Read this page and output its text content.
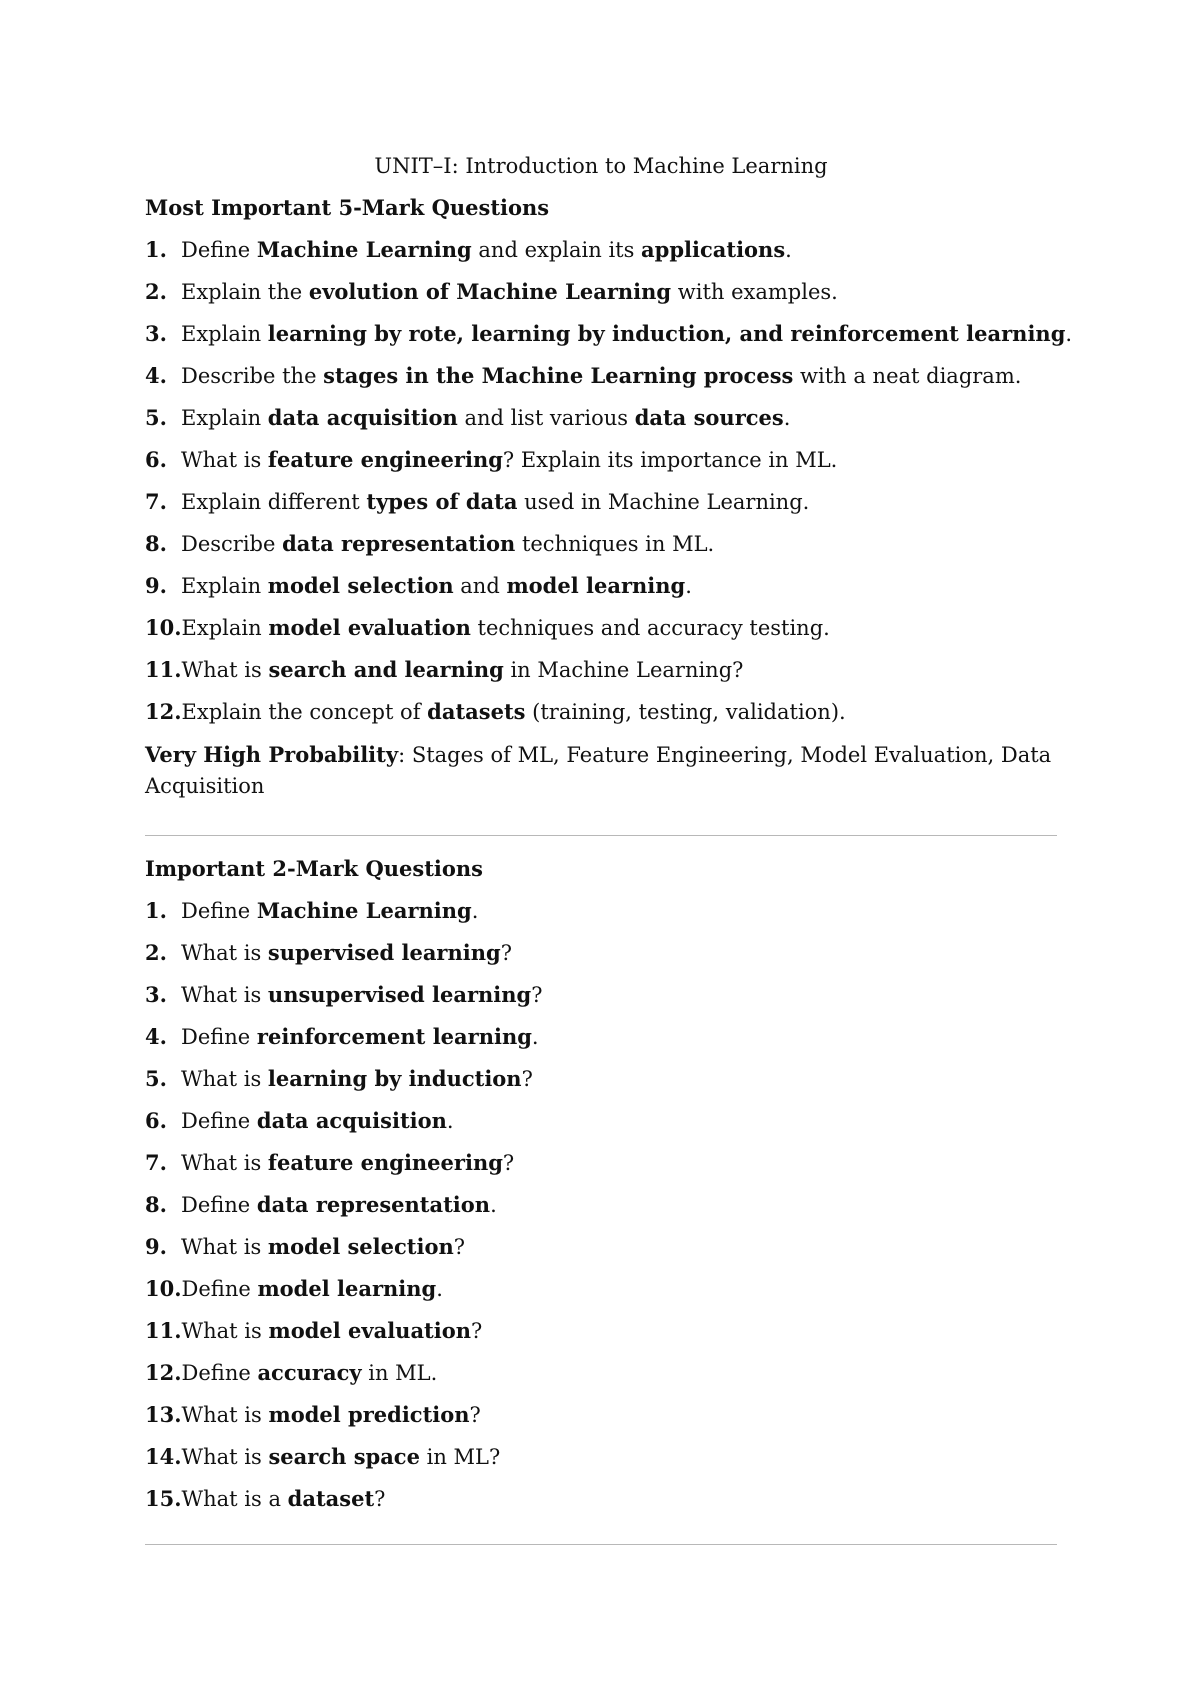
UNIT–I: Introduction to Machine Learning
Most Important 5-Mark Questions
1. Define Machine Learning and explain its applications.
2. Explain the evolution of Machine Learning with examples.
3. Explain learning by rote, learning by induction, and reinforcement learning.
4. Describe the stages in the Machine Learning process with a neat diagram.
5. Explain data acquisition and list various data sources.
6. What is feature engineering? Explain its importance in ML.
7. Explain different types of data used in Machine Learning.
8. Describe data representation techniques in ML.
9. Explain model selection and model learning.
10.Explain model evaluation techniques and accuracy testing.
11.What is search and learning in Machine Learning?
12.Explain the concept of datasets (training, testing, validation).
Very High Probability: Stages of ML, Feature Engineering, Model Evaluation, Data Acquisition
Important 2-Mark Questions
1. Define Machine Learning.
2. What is supervised learning?
3. What is unsupervised learning?
4. Define reinforcement learning.
5. What is learning by induction?
6. Define data acquisition.
7. What is feature engineering?
8. Define data representation.
9. What is model selection?
10.Define model learning.
11.What is model evaluation?
12.Define accuracy in ML.
13.What is model prediction?
14.What is search space in ML?
15.What is a dataset?
